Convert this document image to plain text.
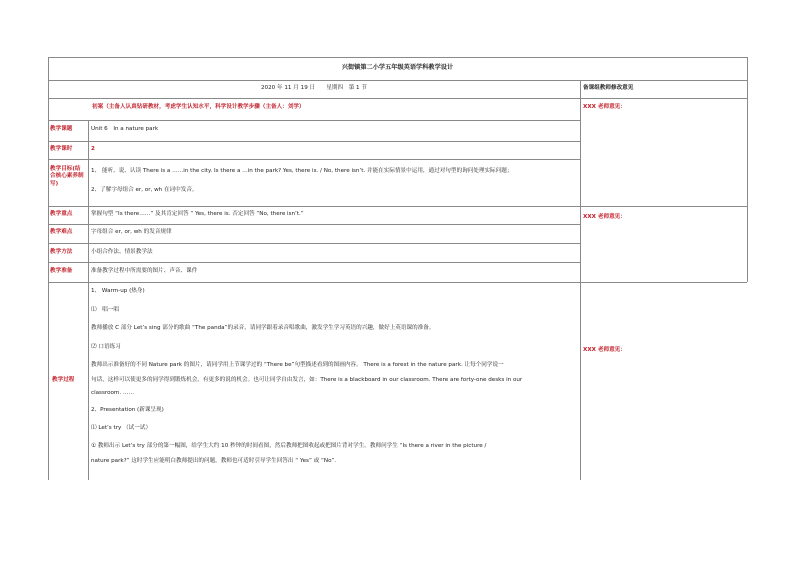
兴街镇第二小学五年级英语学科教学设计
2020 年 11 月 19 日　　星期四　第 1 节	备课组教师修改意见
初案（主备人认真钻研教材，考虑学生认知水平，科学设计教学步骤（主备人：刘学）
教学课题
教学课时
教学目标(结合核心素养制写)
教学重点
教学难点
教学方法
教学准备
教学过程
Unit 6　In a nature park
2
1、 能听、说、认读 There is a ……in the city. Is there a …in the park? Yes, there is. / No, there isn’t. 并能在实际情景中运用，通过对句型的询问处理实际问题；
2、了解字母组合 er, or, wh 在词中发音。
掌握句型 “Is there……” 及其肯定回答 “ Yes, there is. 否定回答 “No, there isn’t.”
字母组合 er, or, wh 的发音规律
小组合作法、情景教学法
准备教学过程中所需要的图片、声音、课件
1、 Warm-up (热身)
⑴　唱一唱
教师播放 C 部分 Let’s sing 部分的歌曲 “The panda”的录音，请同学跟着录音唱歌曲，激发学生学习英语的兴趣，做好上英语课的准备。
⑵ 口语练习
教师出示准备好的不同 Nature park 的图片，请同学用上节课学过的 “There be”句型描述看到的图画内容。 There is a forest in the nature park. 让每个同学说一
句话，这样可以使更多的同学得到锻炼机会，有更多的说的机会。也可让同学自由发言，如：There is a blackboard in our classroom. There are forty-one desks in our
classroom. ……
2、Presentation (新课呈现)
⑴ Let’s try （试一试）
① 教师出示 Let’s try 部分的第一幅图，给学生大约 10 秒钟的时间看图，然后教师把图收起或把图片背对学生。教师问学生 “Is there a river in the picture /
nature park?” 这时学生应能明白教师提出的问题，教师也可适时引导学生回答出 “ Yes” 或 “No”.
XXX 老师意见：
XXX 老师意见：
XXX 老师意见：
